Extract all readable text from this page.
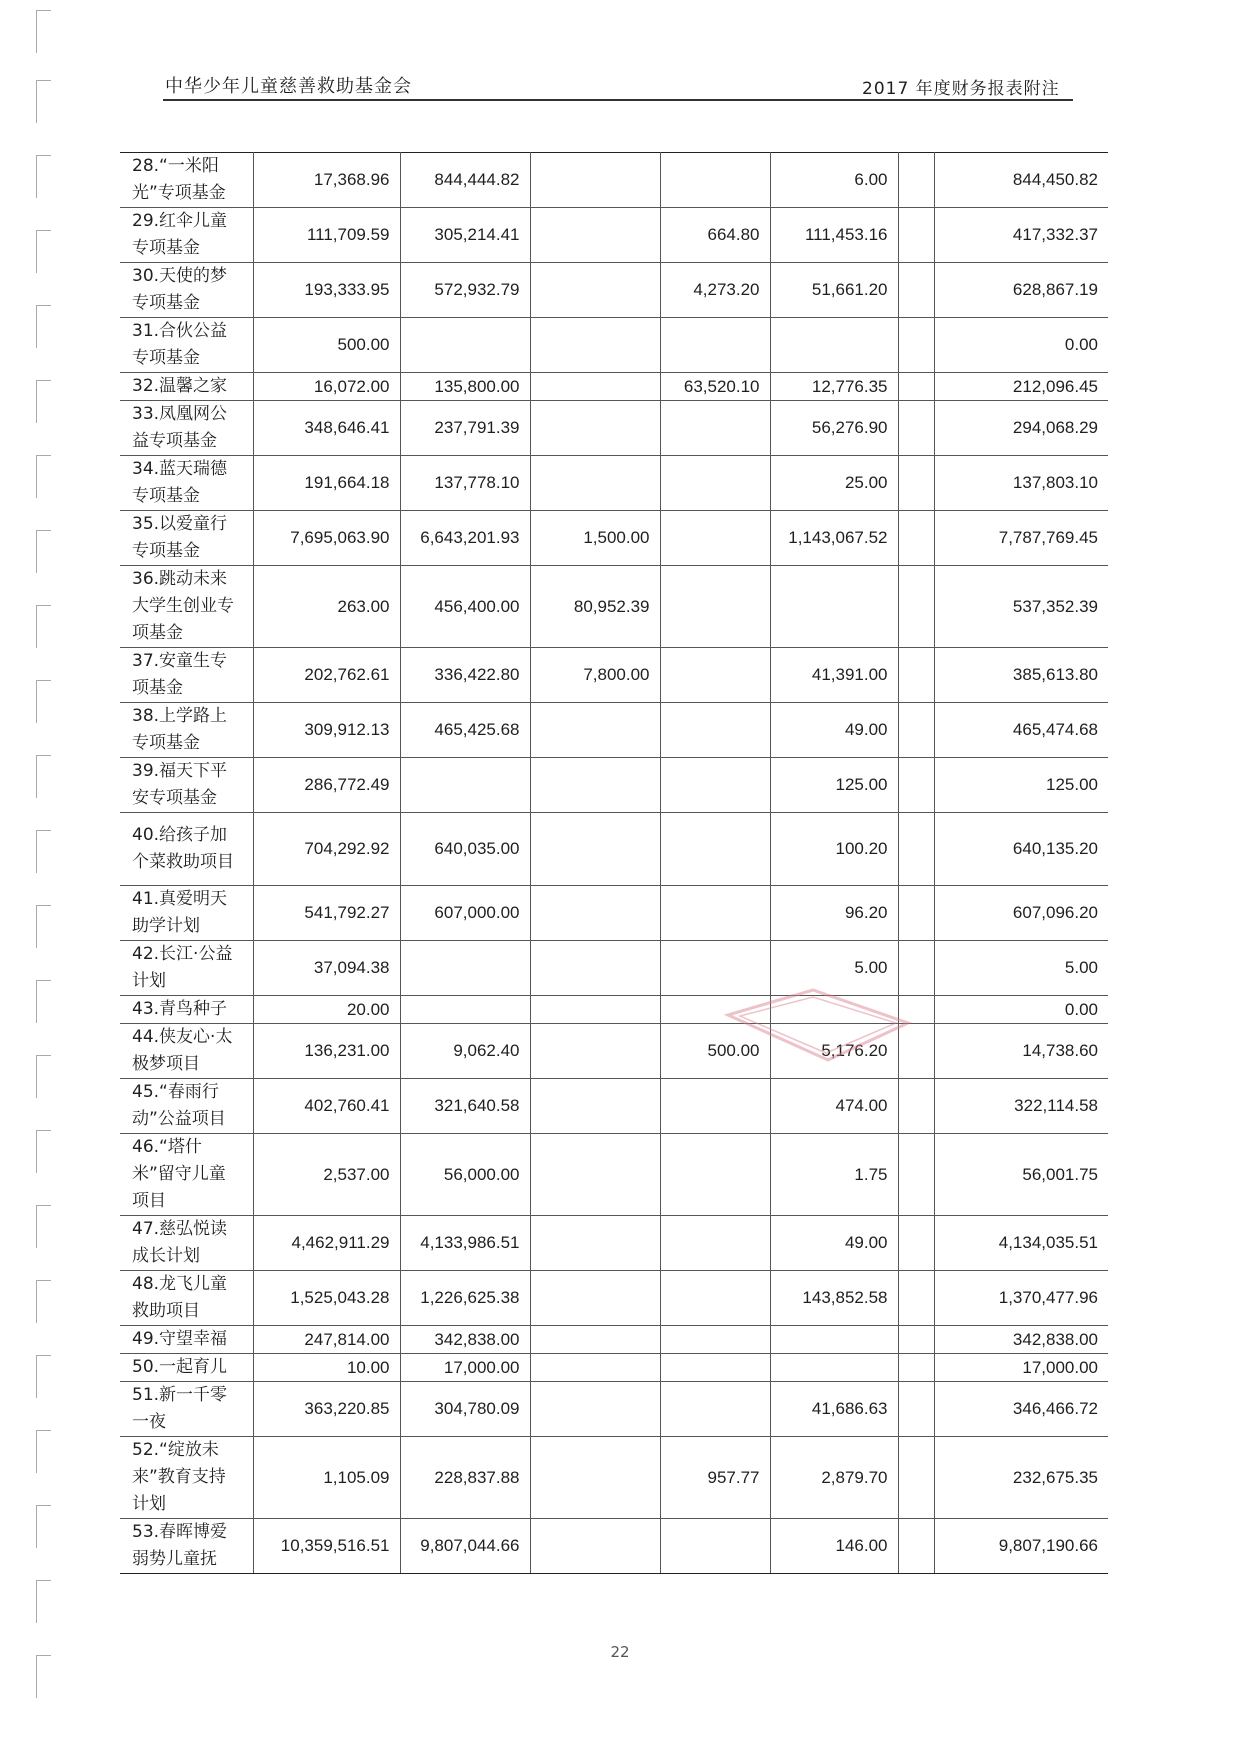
中华少年儿童慈善救助基金会	2017 年度财务报表附注
28.“一米阳光”专项基金	17,368.96	844,444.82			6.00		844,450.82
29.红伞儿童专项基金	111,709.59	305,214.41		664.80	111,453.16		417,332.37
30.天使的梦专项基金	193,333.95	572,932.79		4,273.20	51,661.20		628,867.19
31.合伙公益专项基金	500.00						0.00
32.温馨之家	16,072.00	135,800.00		63,520.10	12,776.35		212,096.45
33.凤凰网公益专项基金	348,646.41	237,791.39			56,276.90		294,068.29
34.蓝天瑞德专项基金	191,664.18	137,778.10			25.00		137,803.10
35.以爱童行专项基金	7,695,063.90	6,643,201.93	1,500.00		1,143,067.52		7,787,769.45
36.跳动未来大学生创业专项基金	263.00	456,400.00	80,952.39				537,352.39
37.安童生专项基金	202,762.61	336,422.80	7,800.00		41,391.00		385,613.80
38.上学路上专项基金	309,912.13	465,425.68			49.00		465,474.68
39.福天下平安专项基金	286,772.49				125.00		125.00
40.给孩子加个菜救助项目	704,292.92	640,035.00			100.20		640,135.20
41.真爱明天助学计划	541,792.27	607,000.00			96.20		607,096.20
42.长江·公益计划	37,094.38				5.00		5.00
43.青鸟种子	20.00						0.00
44.侠友心·太极梦项目	136,231.00	9,062.40		500.00	5,176.20		14,738.60
45.“春雨行动”公益项目	402,760.41	321,640.58			474.00		322,114.58
46.“塔什米”留守儿童项目	2,537.00	56,000.00			1.75		56,001.75
47.慈弘悦读成长计划	4,462,911.29	4,133,986.51			49.00		4,134,035.51
48.龙飞儿童救助项目	1,525,043.28	1,226,625.38			143,852.58		1,370,477.96
49.守望幸福	247,814.00	342,838.00					342,838.00
50.一起育儿	10.00	17,000.00					17,000.00
51.新一千零一夜	363,220.85	304,780.09			41,686.63		346,466.72
52.“绽放未来”教育支持计划	1,105.09	228,837.88		957.77	2,879.70		232,675.35
53.春晖博爱弱势儿童抚	10,359,516.51	9,807,044.66			146.00		9,807,190.66
22
